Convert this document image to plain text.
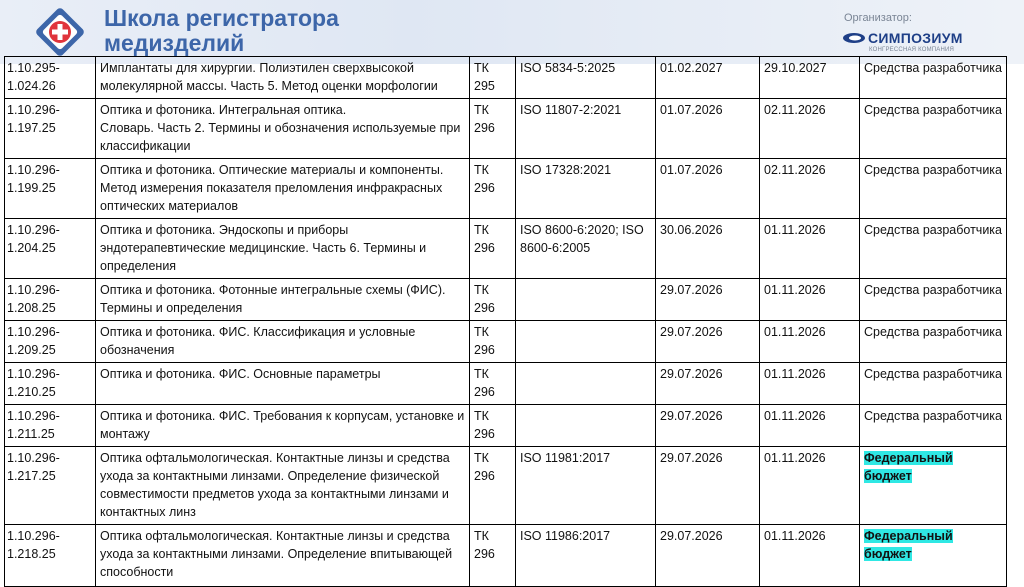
Школа регистратора
медизделий
Организатор:
СИМПОЗИУМ
КОНГРЕССНАЯ КОМПАНИЯ
1.10.295-
1.024.26	Имплантаты для хирургии. Полиэтилен сверхвысокой молекулярной массы. Часть 5. Метод оценки морфологии	ТК
295	ISO 5834-5:2025	01.02.2027	29.10.2027	Средства разработчика
1.10.296-
1.197.25	Оптика и фотоника. Интегральная оптика.
Словарь. Часть 2. Термины и обозначения используемые при классификации	ТК
296	ISO 11807-2:2021	01.07.2026	02.11.2026	Средства разработчика
1.10.296-
1.199.25	Оптика и фотоника. Оптические материалы и компоненты. Метод измерения показателя преломления инфракрасных оптических материалов	ТК
296	ISO 17328:2021	01.07.2026	02.11.2026	Средства разработчика
1.10.296-
1.204.25	Оптика и фотоника. Эндоскопы и приборы эндотерапевтические медицинские. Часть 6. Термины и определения	ТК
296	ISO 8600-6:2020; ISO 8600-6:2005	30.06.2026	01.11.2026	Средства разработчика
1.10.296-
1.208.25	Оптика и фотоника. Фотонные интегральные схемы (ФИС). Термины и определения	ТК
296		29.07.2026	01.11.2026	Средства разработчика
1.10.296-
1.209.25	Оптика и фотоника. ФИС. Классификация и условные обозначения	ТК
296		29.07.2026	01.11.2026	Средства разработчика
1.10.296-
1.210.25	Оптика и фотоника. ФИС. Основные параметры	ТК
296		29.07.2026	01.11.2026	Средства разработчика
1.10.296-
1.211.25	Оптика и фотоника. ФИС. Требования к корпусам, установке и монтажу	ТК
296		29.07.2026	01.11.2026	Средства разработчика
1.10.296-
1.217.25	Оптика офтальмологическая. Контактные линзы и средства ухода за контактными линзами. Определение физической совместимости предметов ухода за контактными линзами и контактных линз	ТК
296	ISO 11981:2017	29.07.2026	01.11.2026	Федеральный бюджет
1.10.296-
1.218.25	Оптика офтальмологическая. Контактные линзы и средства ухода за контактными линзами. Определение впитывающей способности	ТК
296	ISO 11986:2017	29.07.2026	01.11.2026	Федеральный бюджет
